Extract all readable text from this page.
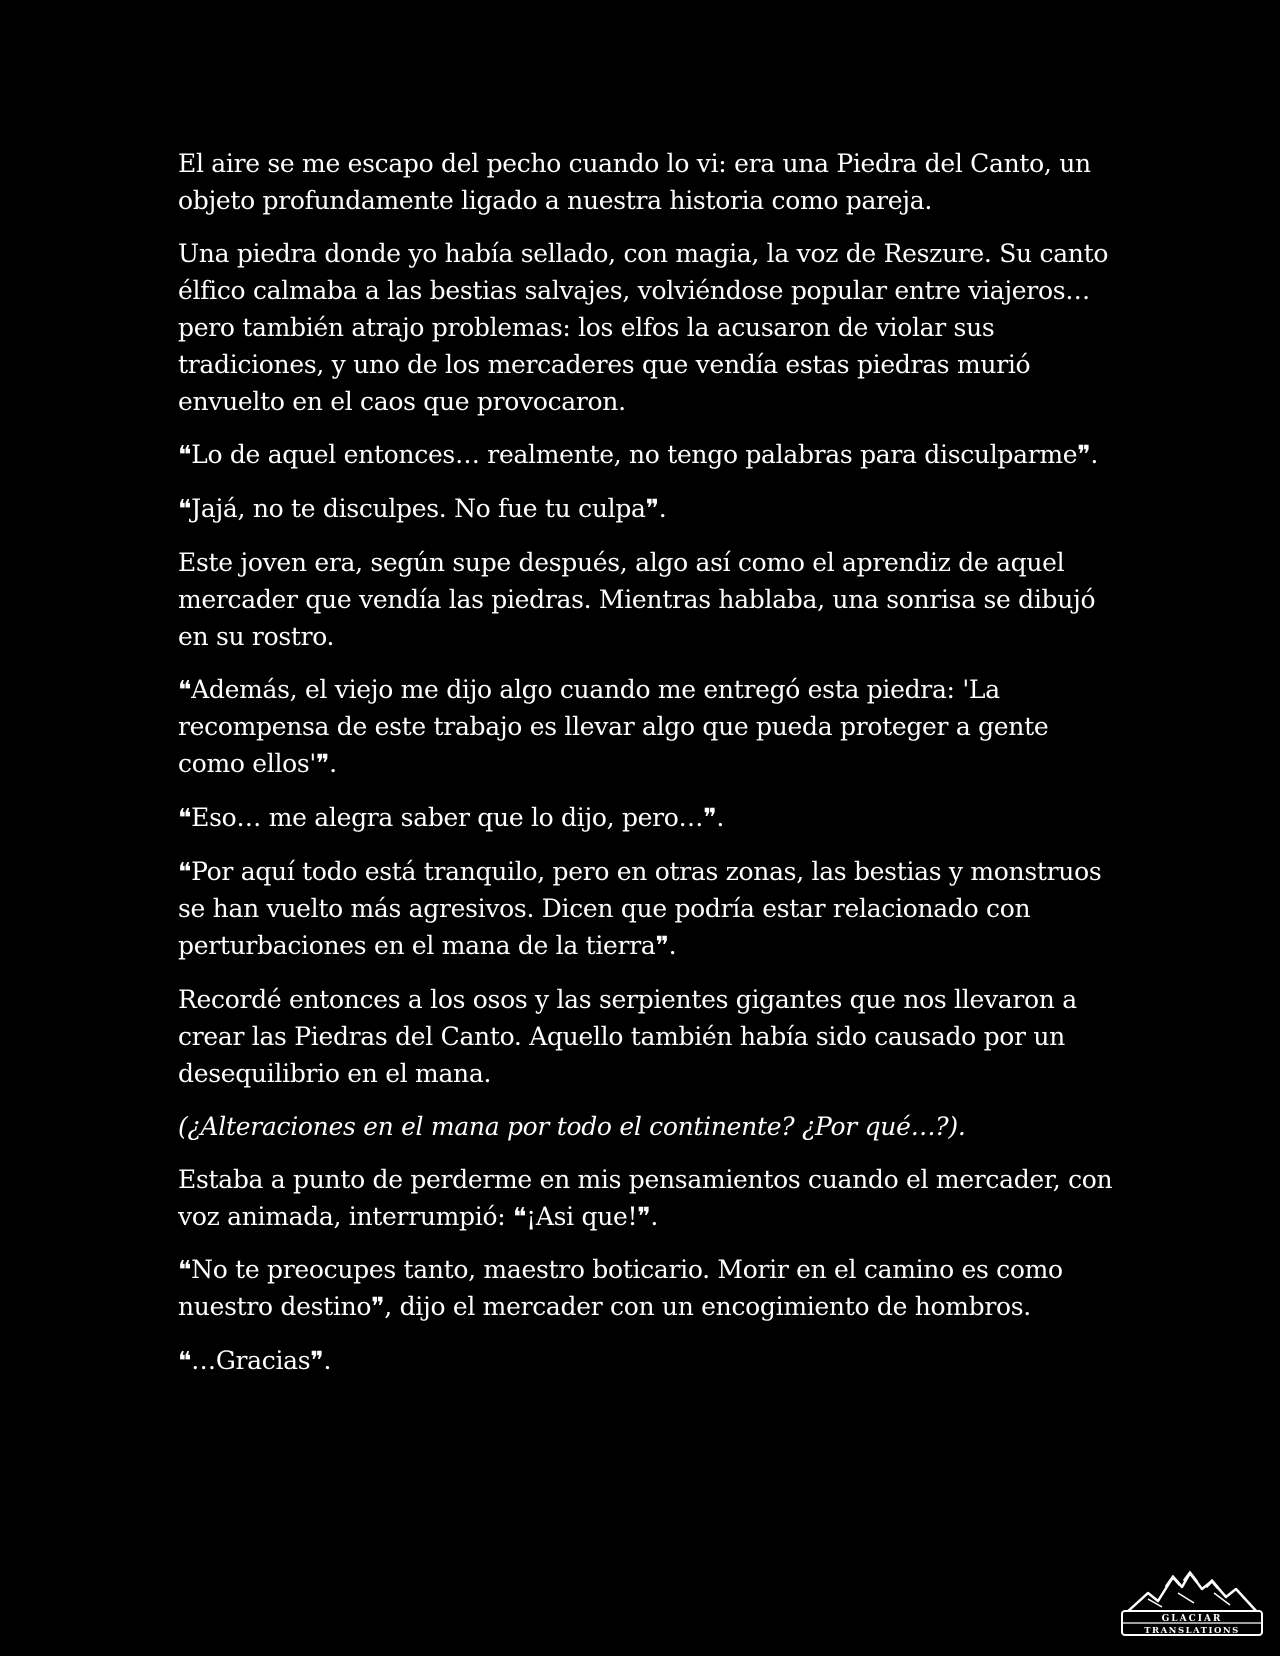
El aire se me escapo del pecho cuando lo vi: era una Piedra del Canto, un objeto profundamente ligado a nuestra historia como pareja.

Una piedra donde yo había sellado, con magia, la voz de Reszure. Su canto élfico calmaba a las bestias salvajes, volviéndose popular entre viajeros… pero también atrajo problemas: los elfos la acusaron de violar sus tradiciones, y uno de los mercaderes que vendía estas piedras murió envuelto en el caos que provocaron.

❝Lo de aquel entonces… realmente, no tengo palabras para disculparme❞.

❝Jajá, no te disculpes. No fue tu culpa❞.

Este joven era, según supe después, algo así como el aprendiz de aquel mercader que vendía las piedras. Mientras hablaba, una sonrisa se dibujó en su rostro.

❝Además, el viejo me dijo algo cuando me entregó esta piedra: 'La recompensa de este trabajo es llevar algo que pueda proteger a gente como ellos'❞.

❝Eso… me alegra saber que lo dijo, pero…❞.

❝Por aquí todo está tranquilo, pero en otras zonas, las bestias y monstruos se han vuelto más agresivos. Dicen que podría estar relacionado con perturbaciones en el mana de la tierra❞.

Recordé entonces a los osos y las serpientes gigantes que nos llevaron a crear las Piedras del Canto. Aquello también había sido causado por un desequilibrio en el mana.

(¿Alteraciones en el mana por todo el continente? ¿Por qué…?).

Estaba a punto de perderme en mis pensamientos cuando el mercader, con voz animada, interrumpió: ❝¡Asi que!❞.

❝No te preocupes tanto, maestro boticario. Morir en el camino es como nuestro destino❞, dijo el mercader con un encogimiento de hombros.

❝…Gracias❞.

GLACIAR
TRANSLATIONS
